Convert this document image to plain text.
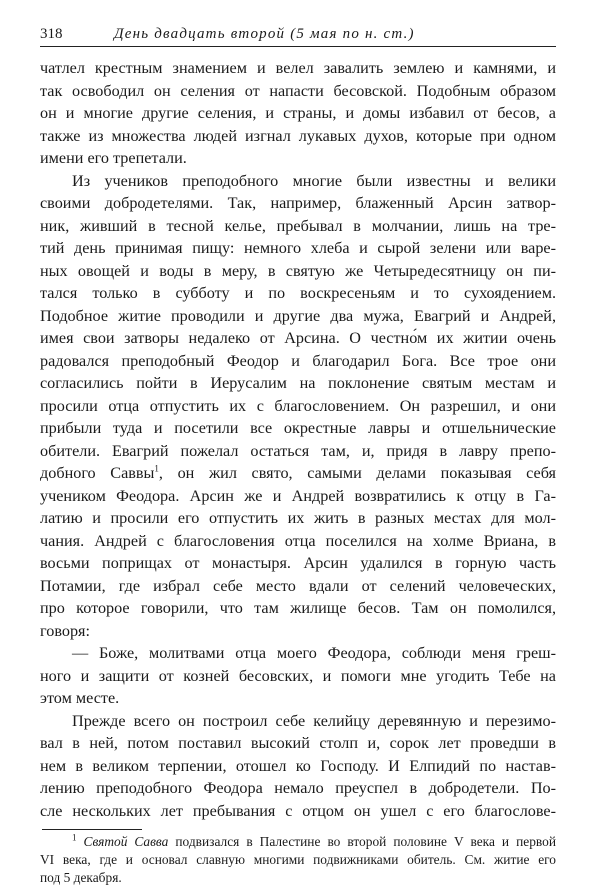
318	День двадцать второй (5 мая по н. ст.)
чатлел крестным знамением и велел завалить землею и камнями, и
так освободил он селения от напасти бесовской. Подобным образом
он и многие другие селения, и страны, и домы избавил от бесов, а
также из множества людей изгнал лукавых духов, которые при одном
имени его трепетали.
Из учеников преподобного многие были известны и велики
своими добродетелями. Так, например, блаженный Арсин затвор-
ник, живший в тесной келье, пребывал в молчании, лишь на тре-
тий день принимая пищу: немного хлеба и сырой зелени или варе-
ных овощей и воды в меру, в святую же Четыредесятницу он пи-
тался только в субботу и по воскресеньям и то сухоядением.
Подобное житие проводили и другие два мужа, Евагрий и Андрей,
имея свои затворы недалеко от Арсина. О честно́м их житии очень
радовался преподобный Феодор и благодарил Бога. Все трое они
согласились пойти в Иерусалим на поклонение святым местам и
просили отца отпустить их с благословением. Он разрешил, и они
прибыли туда и посетили все окрестные лавры и отшельнические
обители. Евагрий пожелал остаться там, и, придя в лавру препо-
добного Саввы$^1$, он жил свято, самыми делами показывая себя
учеником Феодора. Арсин же и Андрей возвратились к отцу в Га-
латию и просили его отпустить их жить в разных местах для мол-
чания. Андрей с благословения отца поселился на холме Вриана, в
восьми поприщах от монастыря. Арсин удалился в горную часть
Потамии, где избрал себе место вдали от селений человеческих,
про которое говорили, что там жилище бесов. Там он помолился,
говоря:
— Боже, молитвами отца моего Феодора, соблюди меня греш-
ного и защити от козней бесовских, и помоги мне угодить Тебе на
этом месте.
Прежде всего он построил себе келийцу деревянную и перезимо-
вал в ней, потом поставил высокий столп и, сорок лет проведши в
нем в великом терпении, отошел ко Господу. И Елпидий по настав-
лению преподобного Феодора немало преуспел в добродетели. По-
сле нескольких лет пребывания с отцом он ушел с его благослове-
$^1$ Святой Савва подвизался в Палестине во второй половине V века и первой
VI века, где и основал славную многими подвижниками обитель. См. житие его
под 5 декабря.
